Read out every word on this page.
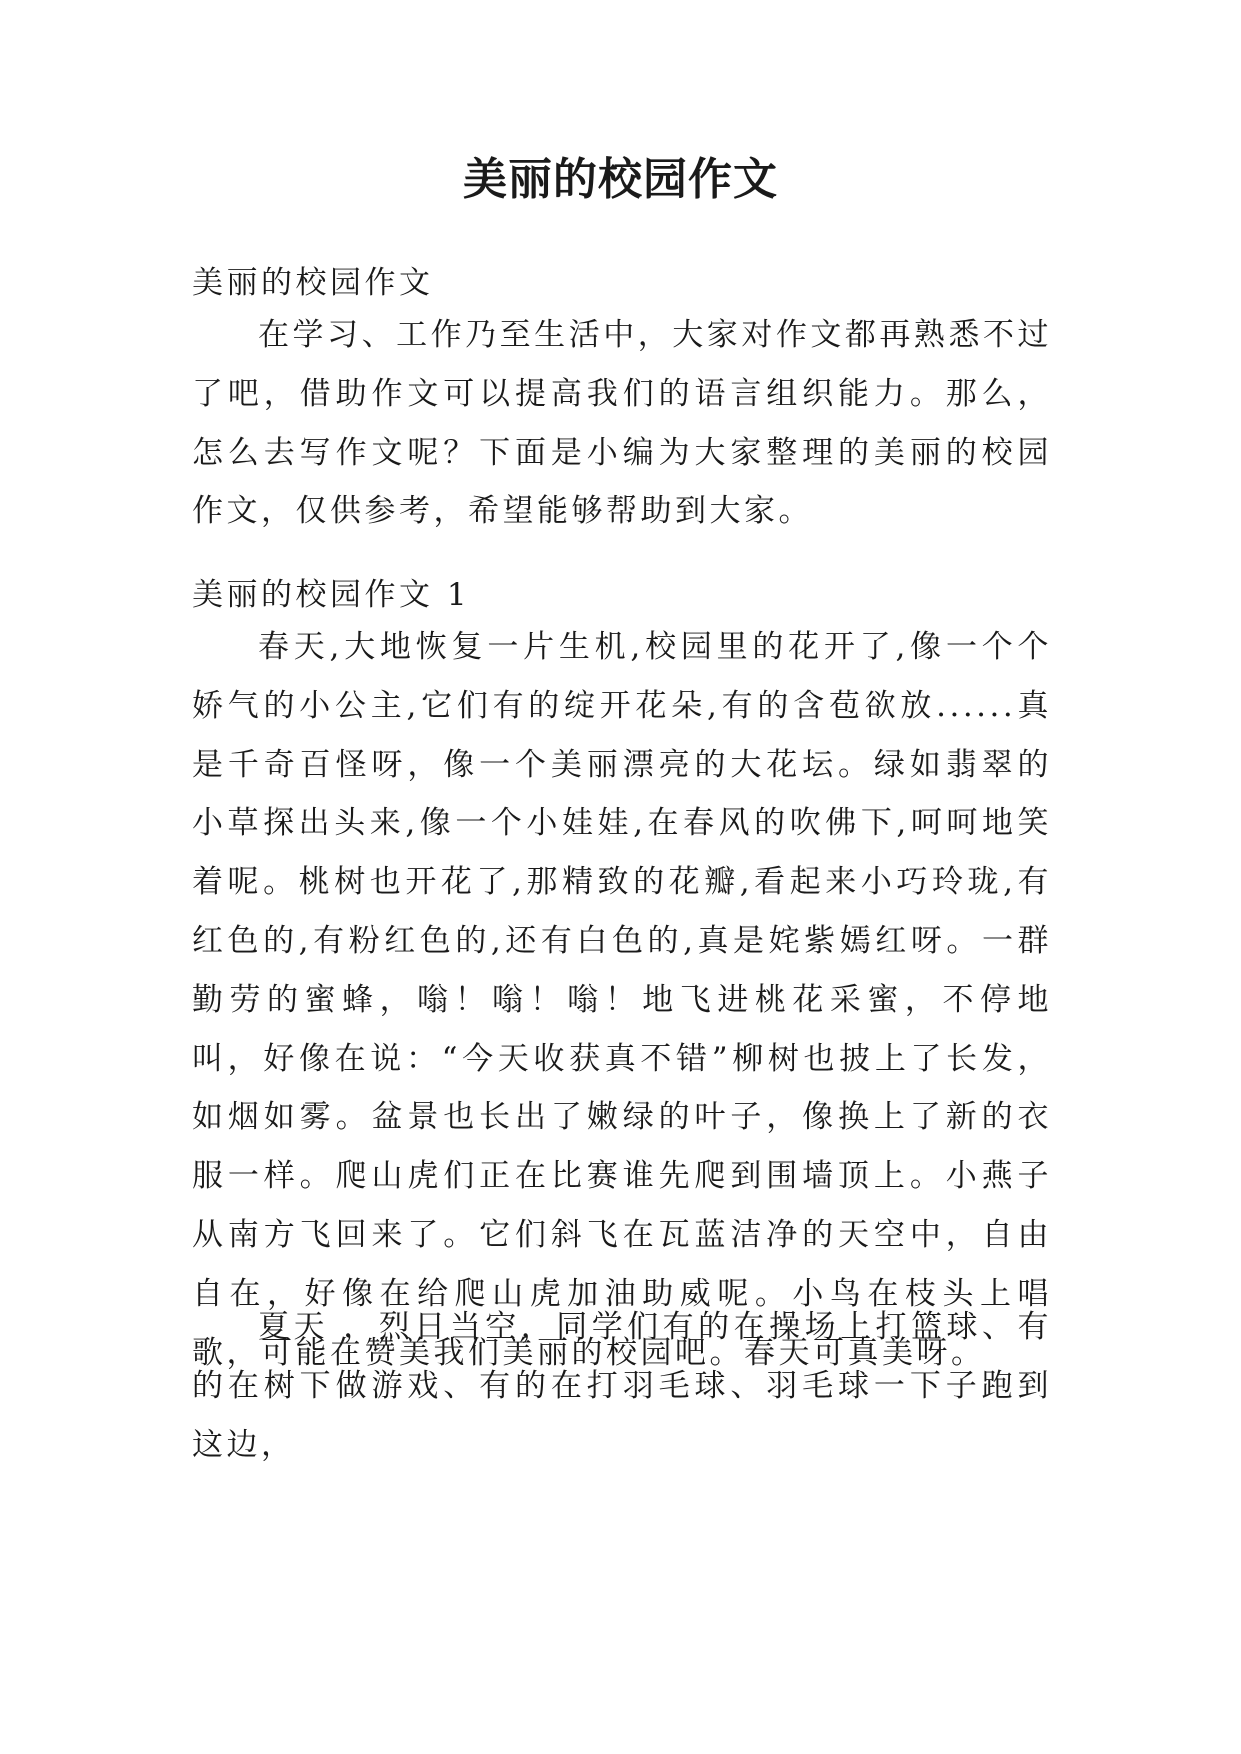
美丽的校园作文

美丽的校园作文

在学习、工作乃至生活中，大家对作文都再熟悉不过了吧，借助作文可以提高我们的语言组织能力。那么，怎么去写作文呢？下面是小编为大家整理的美丽的校园作文，仅供参考，希望能够帮助到大家。

美丽的校园作文 1

春天,大地恢复一片生机,校园里的花开了,像一个个娇气的小公主,它们有的绽开花朵,有的含苞欲放......真是千奇百怪呀，像一个美丽漂亮的大花坛。绿如翡翠的小草探出头来,像一个小娃娃,在春风的吹佛下,呵呵地笑着呢。桃树也开花了,那精致的花瓣,看起来小巧玲珑,有红色的,有粉红色的,还有白色的,真是姹紫嫣红呀。一群勤劳的蜜蜂，嗡！嗡！嗡！地飞进桃花采蜜，不停地叫，好像在说：“今天收获真不错”柳树也披上了长发，如烟如雾。盆景也长出了嫩绿的叶子，像换上了新的衣服一样。爬山虎们正在比赛谁先爬到围墙顶上。小燕子从南方飞回来了。它们斜飞在瓦蓝洁净的天空中，自由自在，好像在给爬山虎加油助威呢。小鸟在枝头上唱歌，可能在赞美我们美丽的校园吧。春天可真美呀。

夏天 ，烈日当空，同学们有的在操场上打篮球、有的在树下做游戏、有的在打羽毛球、羽毛球一下子跑到这边，
